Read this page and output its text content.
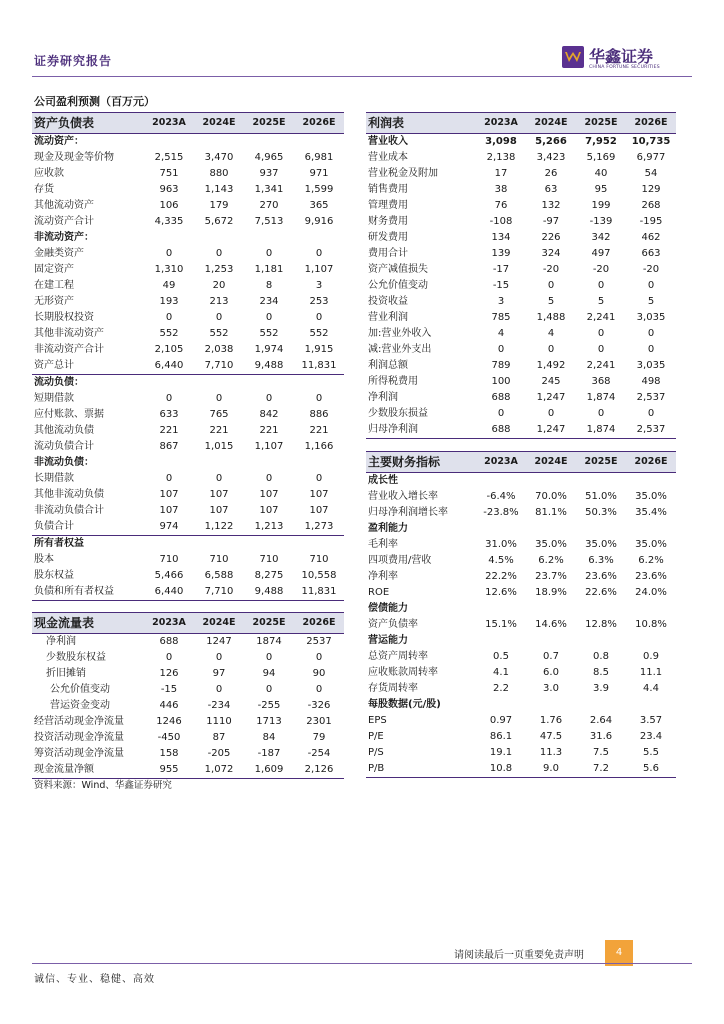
证券研究报告	华鑫证券
CHINA FORTUNE SECURITIES
公司盈利预测（百万元）
资产负债表	2023A	2024E	2025E	2026E
流动资产：				
现金及现金等价物	2,515	3,470	4,965	6,981
应收款	751	880	937	971
存货	963	1,143	1,341	1,599
其他流动资产	106	179	270	365
流动资产合计	4,335	5,672	7,513	9,916
非流动资产：				
金融类资产	0	0	0	0
固定资产	1,310	1,253	1,181	1,107
在建工程	49	20	8	3
无形资产	193	213	234	253
长期股权投资	0	0	0	0
其他非流动资产	552	552	552	552
非流动资产合计	2,105	2,038	1,974	1,915
资产总计	6,440	7,710	9,488	11,831
流动负债：				
短期借款	0	0	0	0
应付账款、票据	633	765	842	886
其他流动负债	221	221	221	221
流动负债合计	867	1,015	1,107	1,166
非流动负债：				
长期借款	0	0	0	0
其他非流动负债	107	107	107	107
非流动负债合计	107	107	107	107
负债合计	974	1,122	1,213	1,273
所有者权益				
股本	710	710	710	710
股东权益	5,466	6,588	8,275	10,558
负债和所有者权益	6,440	7,710	9,488	11,831
利润表	2023A	2024E	2025E	2026E
营业收入	3,098	5,266	7,952	10,735
营业成本	2,138	3,423	5,169	6,977
营业税金及附加	17	26	40	54
销售费用	38	63	95	129
管理费用	76	132	199	268
财务费用	-108	-97	-139	-195
研发费用	134	226	342	462
费用合计	139	324	497	663
资产减值损失	-17	-20	-20	-20
公允价值变动	-15	0	0	0
投资收益	3	5	5	5
营业利润	785	1,488	2,241	3,035
加:营业外收入	4	4	0	0
减:营业外支出	0	0	0	0
利润总额	789	1,492	2,241	3,035
所得税费用	100	245	368	498
净利润	688	1,247	1,874	2,537
少数股东损益	0	0	0	0
归母净利润	688	1,247	1,874	2,537
主要财务指标	2023A	2024E	2025E	2026E
成长性				
营业收入增长率	-6.4%	70.0%	51.0%	35.0%
归母净利润增长率	-23.8%	81.1%	50.3%	35.4%
盈利能力				
毛利率	31.0%	35.0%	35.0%	35.0%
四项费用/营收	4.5%	6.2%	6.3%	6.2%
净利率	22.2%	23.7%	23.6%	23.6%
ROE	12.6%	18.9%	22.6%	24.0%
偿债能力				
资产负债率	15.1%	14.6%	12.8%	10.8%
营运能力				
总资产周转率	0.5	0.7	0.8	0.9
应收账款周转率	4.1	6.0	8.5	11.1
存货周转率	2.2	3.0	3.9	4.4
每股数据(元/股)				
EPS	0.97	1.76	2.64	3.57
P/E	86.1	47.5	31.6	23.4
P/S	19.1	11.3	7.5	5.5
P/B	10.8	9.0	7.2	5.6
现金流量表	2023A	2024E	2025E	2026E
净利润	688	1247	1874	2537
少数股东权益	0	0	0	0
折旧摊销	126	97	94	90
公允价值变动	-15	0	0	0
营运资金变动	446	-234	-255	-326
经营活动现金净流量	1246	1110	1713	2301
投资活动现金净流量	-450	87	84	79
筹资活动现金净流量	158	-205	-187	-254
现金流量净额	955	1,072	1,609	2,126
资料来源：Wind、华鑫证券研究
请阅读最后一页重要免责声明	4
诚信、专业、稳健、高效
